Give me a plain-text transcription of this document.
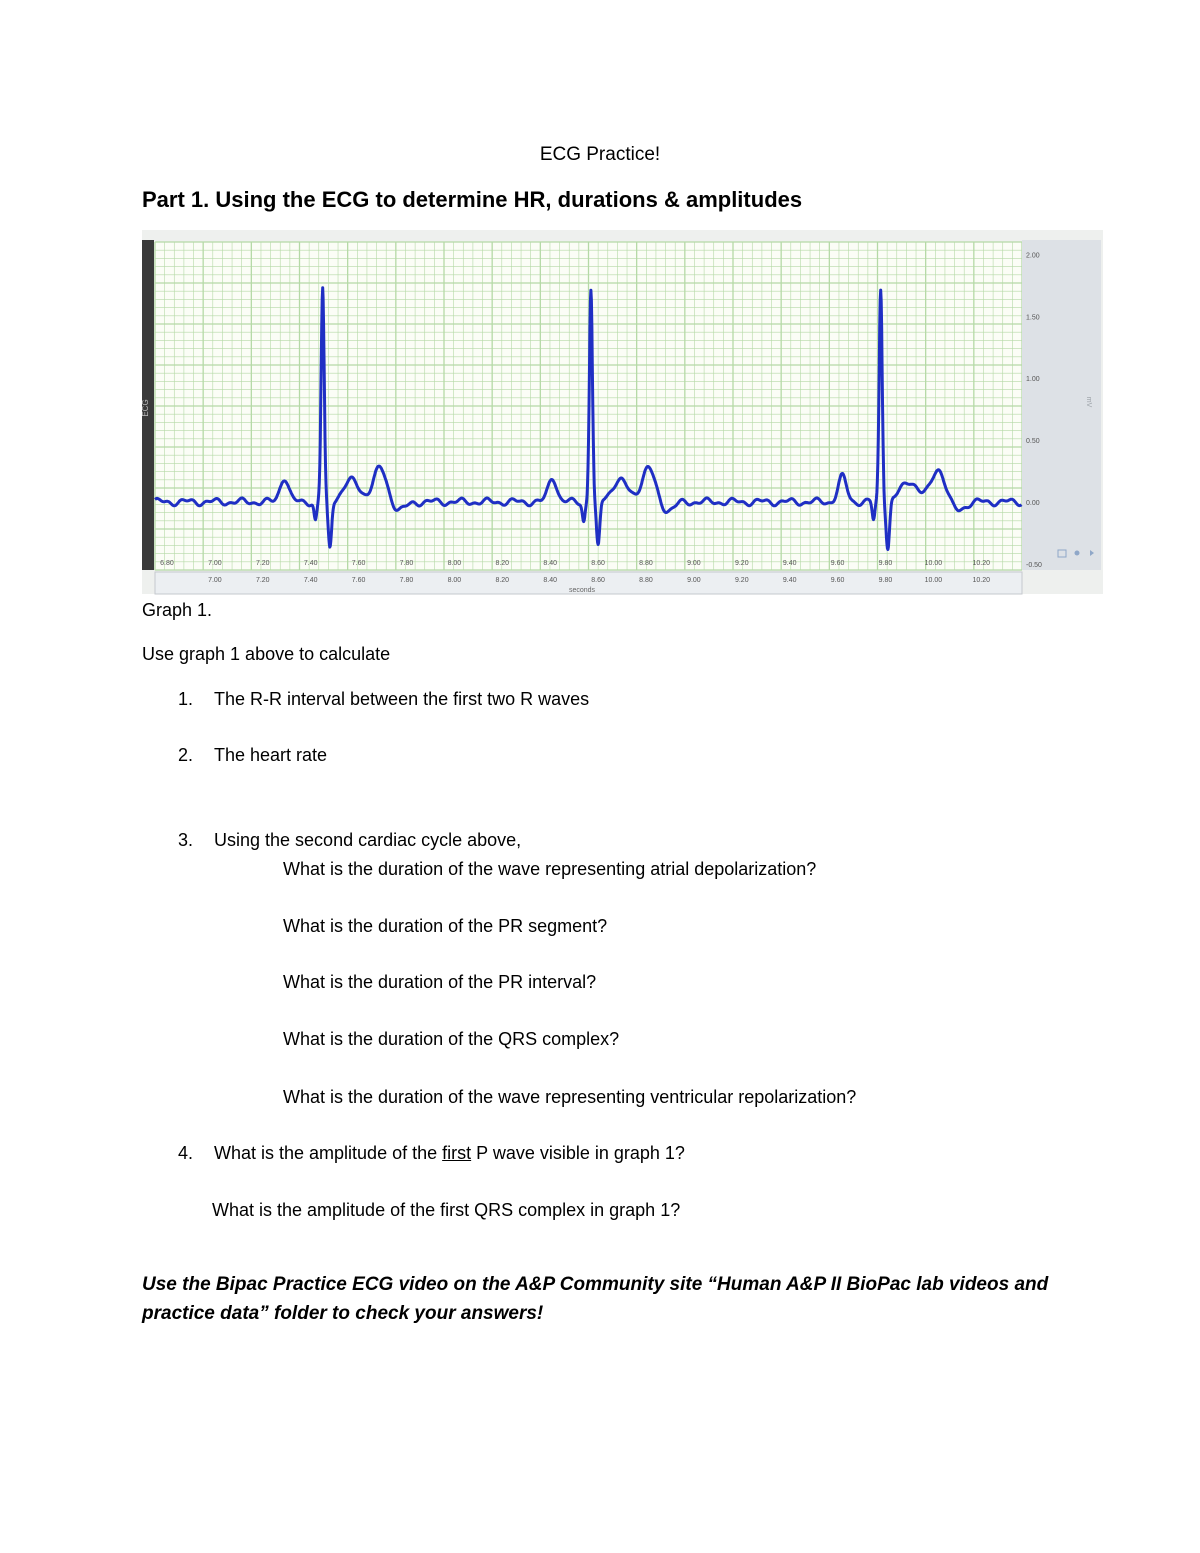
ECG Practice!
Part 1. Using the ECG to determine HR, durations & amplitudes
ECG
6.80	7.00	7.20	7.40	7.60	7.80	8.00	8.20	8.40	8.60	8.80	9.00	9.20	9.40	9.60	9.80	10.00	10.20
2.00
1.50
1.00
0.50
0.00
-0.50
mV
7.00	7.20	7.40	7.60	7.80	8.00	8.20	8.40	8.60	8.80	9.00	9.20	9.40	9.60	9.80	10.00	10.20
seconds
Graph 1.
Use graph 1 above to calculate
1. The R-R interval between the first two R waves
2. The heart rate
3. Using the second cardiac cycle above,
What is the duration of the wave representing atrial depolarization?
What is the duration of the PR segment?
What is the duration of the PR interval?
What is the duration of the QRS complex?
What is the duration of the wave representing ventricular repolarization?
4. What is the amplitude of the first P wave visible in graph 1?
What is the amplitude of the first QRS complex in graph 1?
Use the Bipac Practice ECG video on the A&P Community site “Human A&P II BioPac lab videos and practice data” folder to check your answers!
